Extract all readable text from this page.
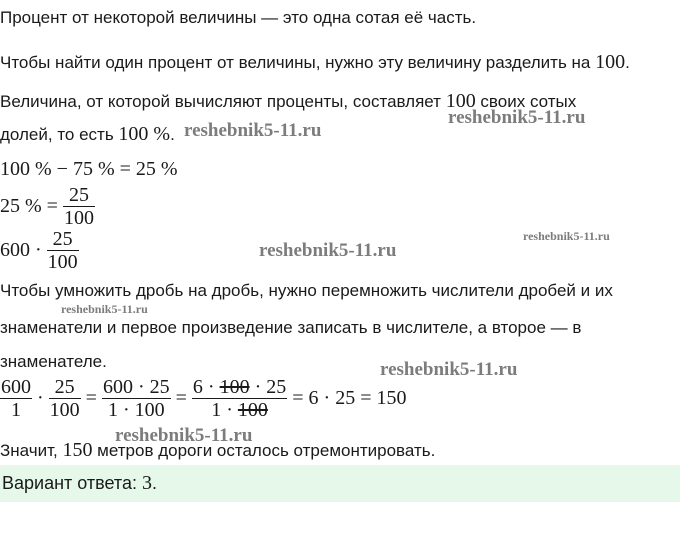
Процент от некоторой величины — это одна сотая её часть.
Чтобы найти один процент от величины, нужно эту величину разделить на 100.
Величина, от которой вычисляют проценты, составляет 100 своих сотых
долей, то есть 100 %.
100 % − 75 % = 25 %
25 % = $\frac{25}{100}$
$600 \cdot \frac{25}{100}$
Чтобы умножить дробь на дробь, нужно перемножить числители дробей и их
знаменатели и первое произведение записать в числителе, а второе — в
знаменателе.
$\frac{600}{1} \cdot \frac{25}{100} = \frac{600 \cdot 25}{1 \cdot 100} = \frac{6 \cdot 100 \cdot 25}{1 \cdot 100} = 6 \cdot 25 = 150$
Значит, 150 метров дороги осталось отремонтировать.
Вариант ответа: 3.
reshebnik5-11.ru
reshebnik5-11.ru
reshebnik5-11.ru
reshebnik5-11.ru
reshebnik5-11.ru
reshebnik5-11.ru
reshebnik5-11.ru
